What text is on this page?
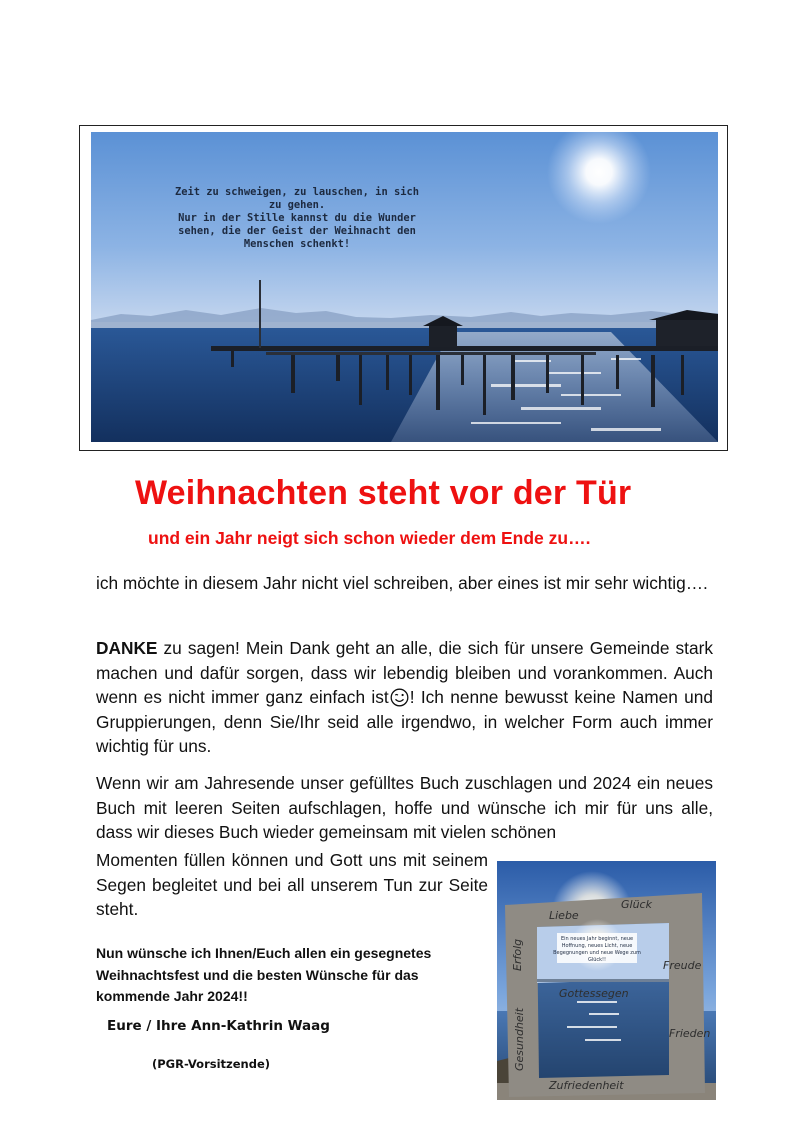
Zeit zu schweigen, zu lauschen, in sich
zu gehen.
Nur in der Stille kannst du die Wunder
sehen, die der Geist der Weihnacht den
Menschen schenkt!
Weihnachten steht vor der Tür
und ein Jahr neigt sich schon wieder dem Ende zu….

ich möchte in diesem Jahr nicht viel schreiben, aber eines ist mir sehr wichtig….

DANKE zu sagen! Mein Dank geht an alle, die sich für unsere Gemeinde stark machen und dafür sorgen, dass wir lebendig bleiben und vorankommen. Auch wenn es nicht immer ganz einfach ist ! Ich nenne bewusst keine Namen und Gruppierungen, denn Sie/Ihr seid alle irgendwo, in welcher Form auch immer wichtig für uns.

Wenn wir am Jahresende unser gefülltes Buch zuschlagen und 2024 ein neues Buch mit leeren Seiten aufschlagen, hoffe und wünsche ich mir für uns alle, dass wir dieses Buch wieder gemeinsam mit vielen schönen

Momenten füllen können und Gott uns mit seinem Segen begleitet und bei all unserem Tun zur Seite steht.

Nun wünsche ich Ihnen/Euch allen ein gesegnetes Weihnachtsfest und die besten Wünsche für das kommende Jahr 2024!!

Eure / Ihre Ann-Kathrin Waag

(PGR-Vorsitzende)

Ein neues Jahr beginnt, neue
Hoffnung, neues Licht, neue
Begegnungen und neue Wege zum
Glück!!
Liebe
Glück
Erfolg	Freude
Gottessegen
Gesundheit	Frieden
Zufriedenheit
